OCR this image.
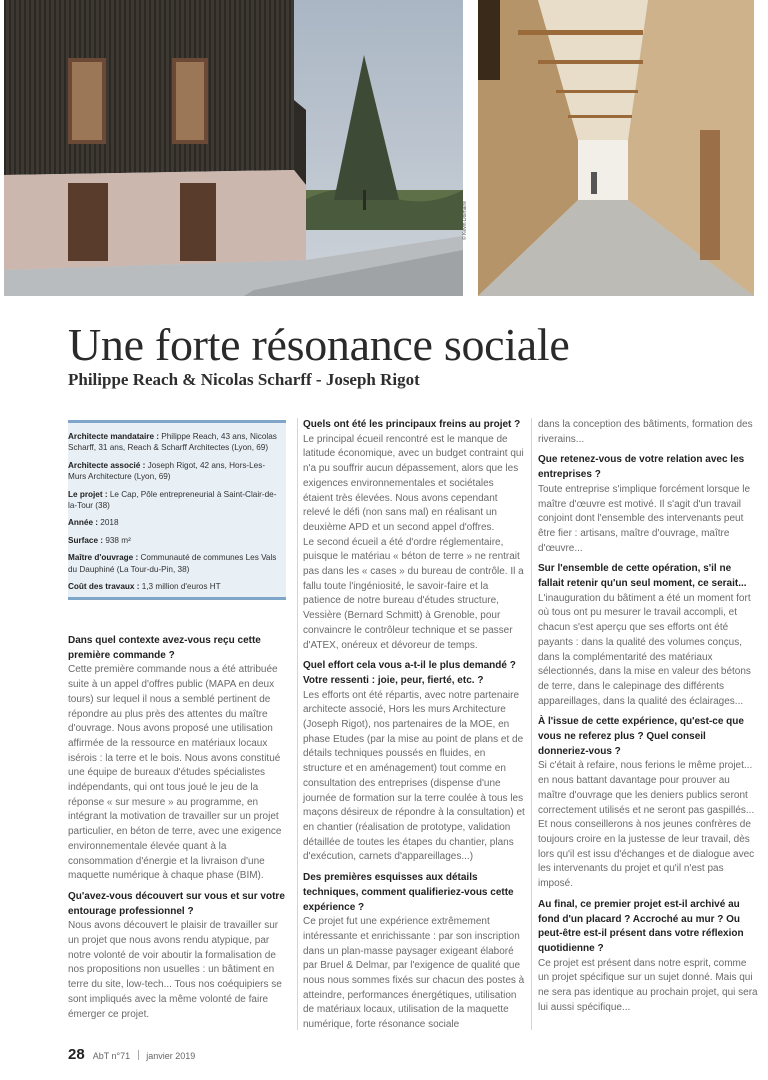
© Kevin Dolmaire
Une forte résonance sociale
Philippe Reach & Nicolas Scharff - Joseph Rigot

Architecte mandataire : Philippe Reach, 43 ans, Nicolas Scharff, 31 ans, Reach & Scharff Architectes (Lyon, 69)

Architecte associé : Joseph Rigot, 42 ans, Hors-Les-Murs Architecture (Lyon, 69)

Le projet : Le Cap, Pôle entrepreneurial à Saint-Clair-de-la-Tour (38)

Année : 2018

Surface : 938 m²

Maître d'ouvrage : Communauté de communes Les Vals du Dauphiné (La Tour-du-Pin, 38)

Coût des travaux : 1,3 million d'euros HT

Dans quel contexte avez-vous reçu cette première commande ?

Cette première commande nous a été attribuée suite à un appel d'offres public (MAPA en deux tours) sur lequel il nous a semblé pertinent de répondre au plus près des attentes du maître d'ouvrage. Nous avons proposé une utilisation affirmée de la ressource en matériaux locaux isérois : la terre et le bois. Nous avons constitué une équipe de bureaux d'études spécialistes indépendants, qui ont tous joué le jeu de la réponse « sur mesure » au programme, en intégrant la motivation de travailler sur un projet particulier, en béton de terre, avec une exigence environnementale élevée quant à la consommation d'énergie et la livraison d'une maquette numérique à chaque phase (BIM).

Qu'avez-vous découvert sur vous et sur votre entourage professionnel ?

Nous avons découvert le plaisir de travailler sur un projet que nous avons rendu atypique, par notre volonté de voir aboutir la formalisation de nos propositions non usuelles : un bâtiment en terre du site, low-tech... Tous nos coéquipiers se sont impliqués avec la même volonté de faire émerger ce projet.

Quels ont été les principaux freins au projet ?

Le principal écueil rencontré est le manque de latitude économique, avec un budget contraint qui n'a pu souffrir aucun dépassement, alors que les exigences environnementales et sociétales étaient très élevées. Nous avons cependant relevé le défi (non sans mal) en réalisant un deuxième APD et un second appel d'offres.

Le second écueil a été d'ordre réglementaire, puisque le matériau « béton de terre » ne rentrait pas dans les « cases » du bureau de contrôle. Il a fallu toute l'ingéniosité, le savoir-faire et la patience de notre bureau d'études structure, Vessière (Bernard Schmitt) à Grenoble, pour convaincre le contrôleur technique et se passer d'ATEX, onéreux et dévoreur de temps.

Quel effort cela vous a-t-il le plus demandé ? Votre ressenti : joie, peur, fierté, etc. ?

Les efforts ont été répartis, avec notre partenaire architecte associé, Hors les murs Architecture (Joseph Rigot), nos partenaires de la MOE, en phase Etudes (par la mise au point de plans et de détails techniques poussés en fluides, en structure et en aménagement) tout comme en consultation des entreprises (dispense d'une journée de formation sur la terre coulée à tous les maçons désireux de répondre à la consultation) et en chantier (réalisation de prototype, validation détaillée de toutes les étapes du chantier, plans d'exécution, carnets d'appareillages...)

Des premières esquisses aux détails techniques, comment qualifieriez-vous cette expérience ?

Ce projet fut une expérience extrêmement intéressante et enrichissante : par son inscription dans un plan-masse paysager exigeant élaboré par Bruel & Delmar, par l'exigence de qualité que nous nous sommes fixés sur chacun des postes à atteindre, performances énergétiques, utilisation de matériaux locaux, utilisation de la maquette numérique, forte résonance sociale

dans la conception des bâtiments, formation des riverains...

Que retenez-vous de votre relation avec les entreprises ?

Toute entreprise s'implique forcément lorsque le maître d'œuvre est motivé. Il s'agit d'un travail conjoint dont l'ensemble des intervenants peut être fier : artisans, maître d'ouvrage, maître d'œuvre...

Sur l'ensemble de cette opération, s'il ne fallait retenir qu'un seul moment, ce serait...

L'inauguration du bâtiment a été un moment fort où tous ont pu mesurer le travail accompli, et chacun s'est aperçu que ses efforts ont été payants : dans la qualité des volumes conçus, dans la complémentarité des matériaux sélectionnés, dans la mise en valeur des bétons de terre, dans le calepinage des différents appareillages, dans la qualité des éclairages...

À l'issue de cette expérience, qu'est-ce que vous ne referez plus ? Quel conseil donneriez-vous ?

Si c'était à refaire, nous ferions le même projet... en nous battant davantage pour prouver au maître d'ouvrage que les deniers publics seront correctement utilisés et ne seront pas gaspillés... Et nous conseillerons à nos jeunes confrères de toujours croire en la justesse de leur travail, dès lors qu'il est issu d'échanges et de dialogue avec les intervenants du projet et qu'il n'est pas imposé.

Au final, ce premier projet est-il archivé au fond d'un placard ? Accroché au mur ? Ou peut-être est-il présent dans votre réflexion quotidienne ?

Ce projet est présent dans notre esprit, comme un projet spécifique sur un sujet donné. Mais qui ne sera pas identique au prochain projet, qui sera lui aussi spécifique...

28 AbT n°71 janvier 2019
